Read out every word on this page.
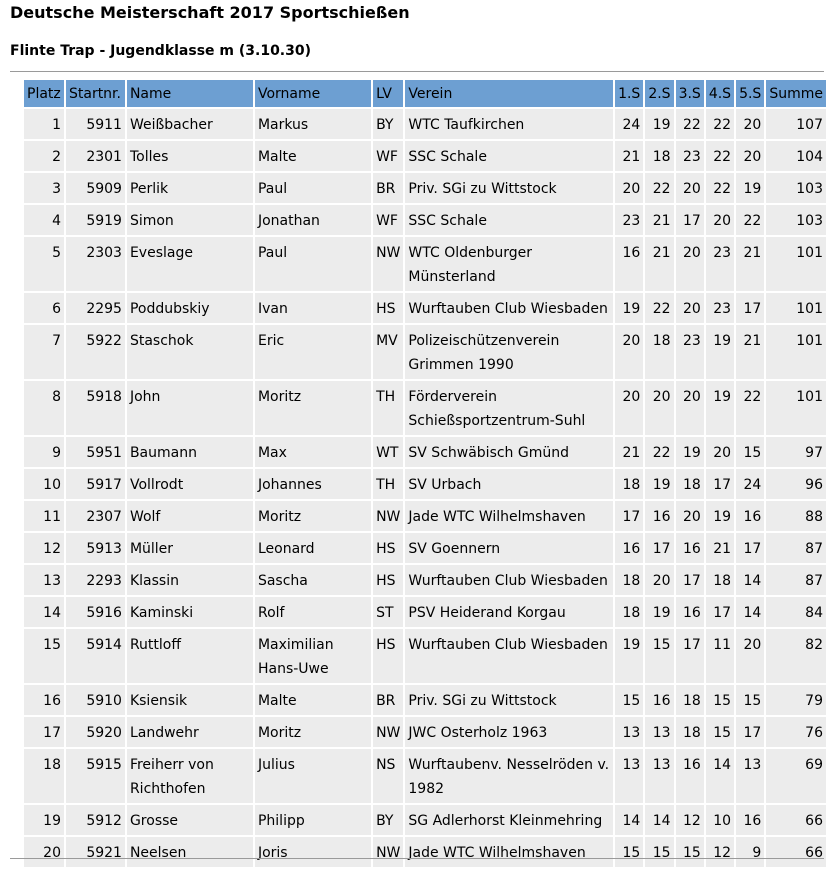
Deutsche Meisterschaft 2017 Sportschießen
Flinte Trap - Jugendklasse m (3.10.30)
Platz	Startnr.	Name	Vorname	LV	Verein	1.S	2.S	3.S	4.S	5.S	Summe
1	5911	Weißbacher	Markus	BY	WTC Taufkirchen	24	19	22	22	20	107
2	2301	Tolles	Malte	WF	SSC Schale	21	18	23	22	20	104
3	5909	Perlik	Paul	BR	Priv. SGi zu Wittstock	20	22	20	22	19	103
4	5919	Simon	Jonathan	WF	SSC Schale	23	21	17	20	22	103
5	2303	Eveslage	Paul	NW	WTC Oldenburger Münsterland	16	21	20	23	21	101
6	2295	Poddubskiy	Ivan	HS	Wurftauben Club Wiesbaden	19	22	20	23	17	101
7	5922	Staschok	Eric	MV	Polizeischützenverein Grimmen 1990	20	18	23	19	21	101
8	5918	John	Moritz	TH	Förderverein Schießsportzentrum-Suhl	20	20	20	19	22	101
9	5951	Baumann	Max	WT	SV Schwäbisch Gmünd	21	22	19	20	15	97
10	5917	Vollrodt	Johannes	TH	SV Urbach	18	19	18	17	24	96
11	2307	Wolf	Moritz	NW	Jade WTC Wilhelmshaven	17	16	20	19	16	88
12	5913	Müller	Leonard	HS	SV Goennern	16	17	16	21	17	87
13	2293	Klassin	Sascha	HS	Wurftauben Club Wiesbaden	18	20	17	18	14	87
14	5916	Kaminski	Rolf	ST	PSV Heiderand Korgau	18	19	16	17	14	84
15	5914	Ruttloff	Maximilian Hans-Uwe	HS	Wurftauben Club Wiesbaden	19	15	17	11	20	82
16	5910	Ksiensik	Malte	BR	Priv. SGi zu Wittstock	15	16	18	15	15	79
17	5920	Landwehr	Moritz	NW	JWC Osterholz 1963	13	13	18	15	17	76
18	5915	Freiherr von Richthofen	Julius	NS	Wurftaubenv. Nesselröden v. 1982	13	13	16	14	13	69
19	5912	Grosse	Philipp	BY	SG Adlerhorst Kleinmehring	14	14	12	10	16	66
20	5921	Neelsen	Joris	NW	Jade WTC Wilhelmshaven	15	15	15	12	9	66
